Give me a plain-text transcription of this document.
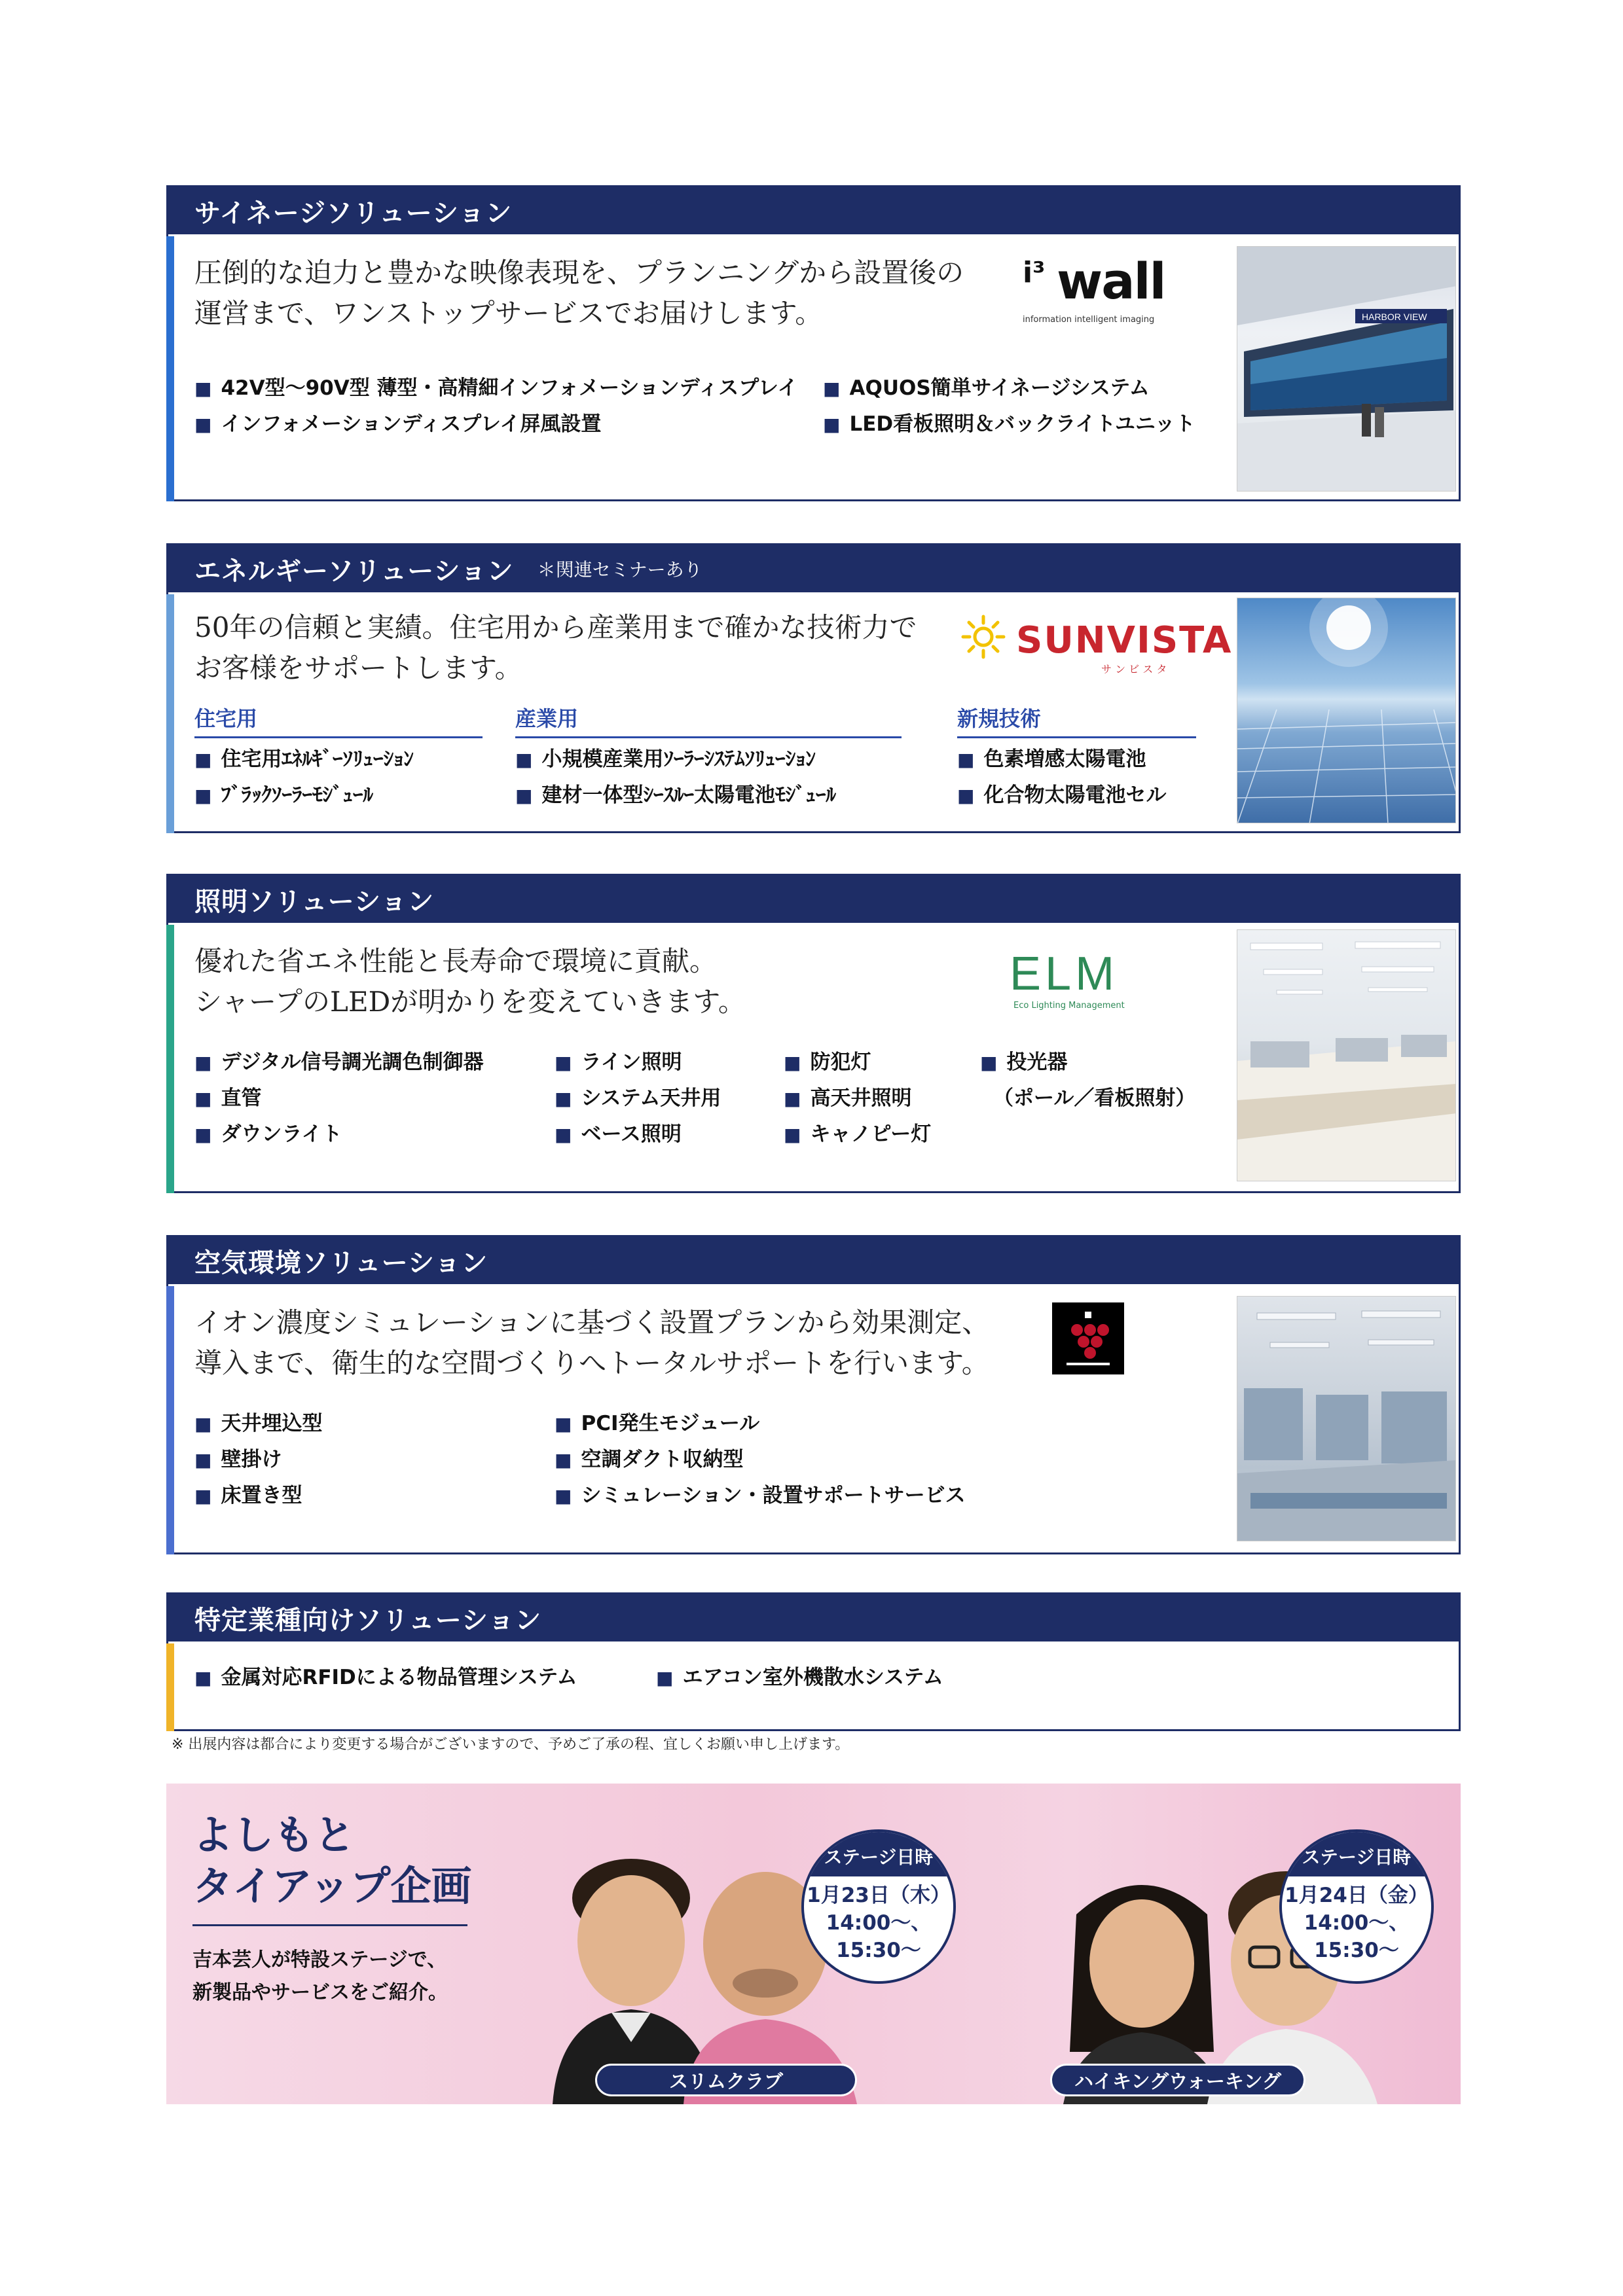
サイネージソリューション
圧倒的な迫力と豊かな映像表現を、プランニングから設置後の
運営まで、ワンストップサービスでお届けします。
i³ wall
information intelligent imaging
■ 42V型〜90V型 薄型・高精細インフォメーションディスプレイ
■ インフォメーションディスプレイ屏風設置
■ AQUOS簡単サイネージシステム
■ LED看板照明＆バックライトユニット
HARBOR VIEW
エネルギーソリューション ＊関連セミナーあり
50年の信頼と実績。住宅用から産業用まで確かな技術力で
お客様をサポートします。
SUNVISTA
サ ン ビ ス タ
住宅用	産業用	新規技術
■ 住宅用ｴﾈﾙｷﾞｰｿﾘｭｰｼｮﾝ
■ ﾌﾞﾗｯｸｿｰﾗｰﾓｼﾞｭｰﾙ
■ 小規模産業用ｿｰﾗｰｼｽﾃﾑｿﾘｭｰｼｮﾝ
■ 建材一体型ｼｰｽﾙｰ太陽電池ﾓｼﾞｭｰﾙ
■ 色素増感太陽電池
■ 化合物太陽電池セル
照明ソリューション
優れた省エネ性能と長寿命で環境に貢献。
シャープのLEDが明かりを変えていきます。
ELM
Eco Lighting Management
■ デジタル信号調光調色制御器
■ 直管
■ ダウンライト
■ ライン照明
■ システム天井用
■ ベース照明
■ 防犯灯
■ 高天井照明
■ キャノピー灯
■ 投光器
（ポール／看板照射）
空気環境ソリューション
イオン濃度シミュレーションに基づく設置プランから効果測定、
導入まで、衛生的な空間づくりへトータルサポートを行います。
■ 天井埋込型
■ 壁掛け
■ 床置き型
■ PCI発生モジュール
■ 空調ダクト収納型
■ シミュレーション・設置サポートサービス
特定業種向けソリューション
■ 金属対応RFIDによる物品管理システム
■	エアコン室外機散水システム
※ 出展内容は都合により変更する場合がございますので、予めご了承の程、宜しくお願い申し上げます。
よしもと
タイアップ企画
吉本芸人が特設ステージで、
新製品やサービスをご紹介。
ステージ日時
1月23日（木）
14:00〜、
15:30〜
ステージ日時
1月24日（金）
14:00〜、
15:30〜
スリムクラブ	ハイキングウォーキング
